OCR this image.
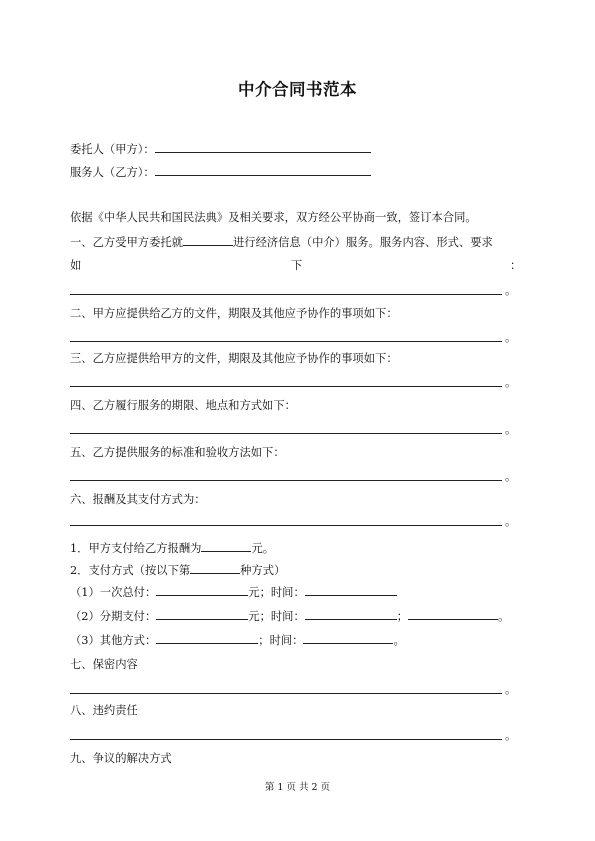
中介合同书范本
委托人（甲方）：
服务人（乙方）：
依据《中华人民共和国民法典》及相关要求，双方经公平协商一致，签订本合同。
一、乙方受甲方委托就	进行经济信息（中介）服务。服务内容、形式、要求
如	下	：
。
二、甲方应提供给乙方的文件，期限及其他应予协作的事项如下：
。
三、乙方应提供给甲方的文件，期限及其他应予协作的事项如下：
。
四、乙方履行服务的期限、地点和方式如下：
。
五、乙方提供服务的标准和验收方法如下：
。
六、报酬及其支付方式为：
。
1．甲方支付给乙方报酬为	元。
2．支付方式（按以下第	种方式）
（1）一次总付：	元；时间：
（2）分期支付：	元；时间：	；	。
（3）其他方式：	；时间：	。
七、保密内容
。
八、违约责任
。
九、争议的解决方式
第 1 页 共 2 页
